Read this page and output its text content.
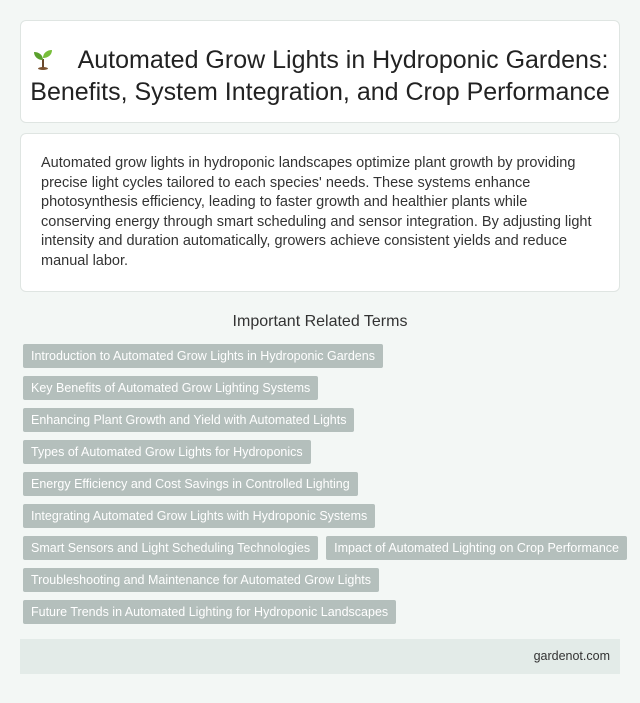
Automated Grow Lights in Hydroponic Gardens:
Benefits, System Integration, and Crop Performance

Automated grow lights in hydroponic landscapes optimize plant growth by providing precise light cycles tailored to each species' needs. These systems enhance photosynthesis efficiency, leading to faster growth and healthier plants while conserving energy through smart scheduling and sensor integration. By adjusting light intensity and duration automatically, growers achieve consistent yields and reduce manual labor.

Important Related Terms
Introduction to Automated Grow Lights in Hydroponic Gardens
Key Benefits of Automated Grow Lighting Systems
Enhancing Plant Growth and Yield with Automated Lights
Types of Automated Grow Lights for Hydroponics
Energy Efficiency and Cost Savings in Controlled Lighting
Integrating Automated Grow Lights with Hydroponic Systems
Smart Sensors and Light Scheduling Technologies	Impact of Automated Lighting on Crop Performance
Troubleshooting and Maintenance for Automated Grow Lights
Future Trends in Automated Lighting for Hydroponic Landscapes
gardenot.com
